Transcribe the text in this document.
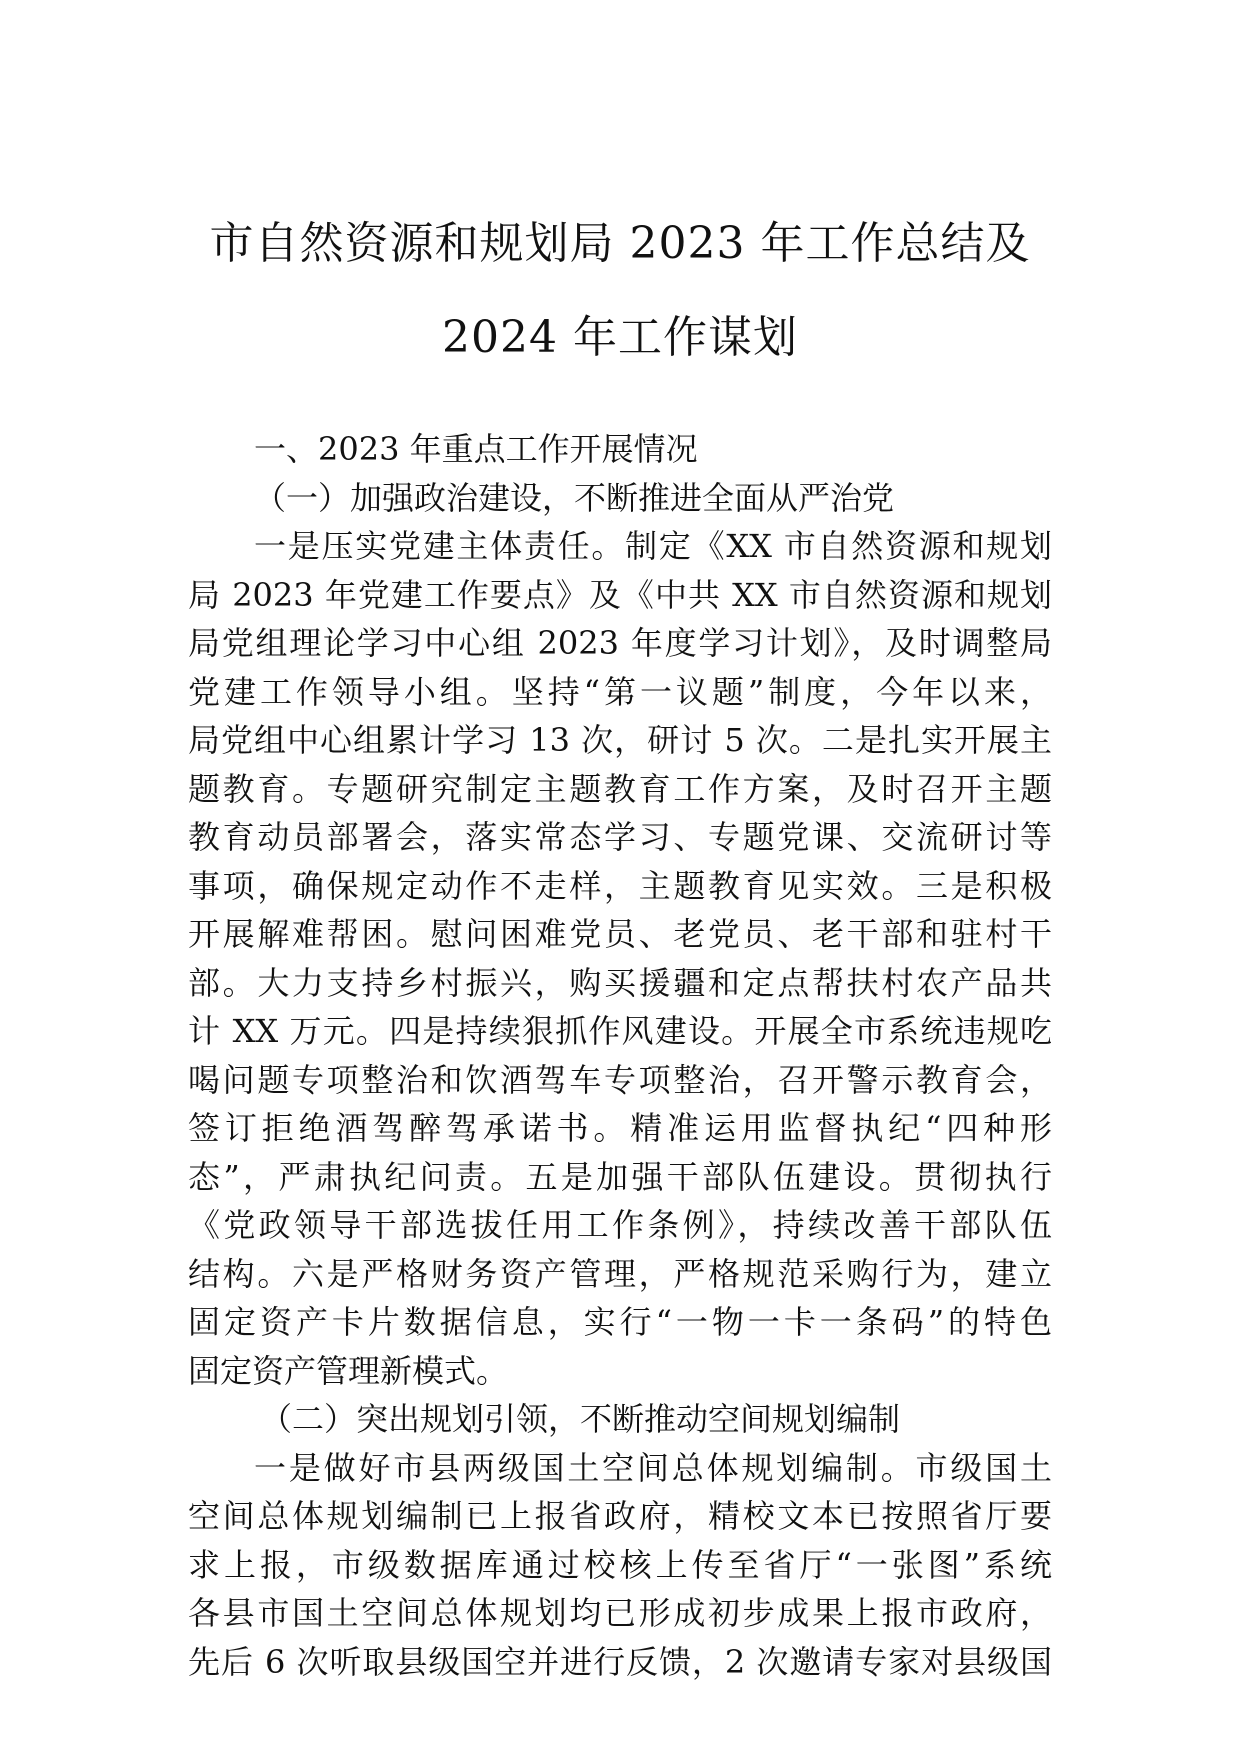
市自然资源和规划局 2023 年工作总结及
2024 年工作谋划
一、2023 年重点工作开展情况
（一）加强政治建设，不断推进全面从严治党
一是压实党建主体责任。制定《XX 市自然资源和规划
局 2023 年党建工作要点》及《中共 XX 市自然资源和规划
局党组理论学习中心组 2023 年度学习计划》，及时调整局
党建工作领导小组。坚持“第一议题”制度，今年以来，
局党组中心组累计学习 13 次，研讨 5 次。二是扎实开展主
题教育。专题研究制定主题教育工作方案，及时召开主题
教育动员部署会，落实常态学习、专题党课、交流研讨等
事项，确保规定动作不走样，主题教育见实效。三是积极
开展解难帮困。慰问困难党员、老党员、老干部和驻村干
部。大力支持乡村振兴，购买援疆和定点帮扶村农产品共
计 XX 万元。四是持续狠抓作风建设。开展全市系统违规吃
喝问题专项整治和饮酒驾车专项整治，召开警示教育会，
签订拒绝酒驾醉驾承诺书。精准运用监督执纪“四种形
态”，严肃执纪问责。五是加强干部队伍建设。贯彻执行
《党政领导干部选拔任用工作条例》，持续改善干部队伍
结构。六是严格财务资产管理，严格规范采购行为，建立
固定资产卡片数据信息，实行“一物一卡一条码”的特色
固定资产管理新模式。
（二）突出规划引领，不断推动空间规划编制
一是做好市县两级国土空间总体规划编制。市级国土
空间总体规划编制已上报省政府，精校文本已按照省厅要
求上报，市级数据库通过校核上传至省厅“一张图”系统
各县市国土空间总体规划均已形成初步成果上报市政府，
先后 6 次听取县级国空并进行反馈，2 次邀请专家对县级国
